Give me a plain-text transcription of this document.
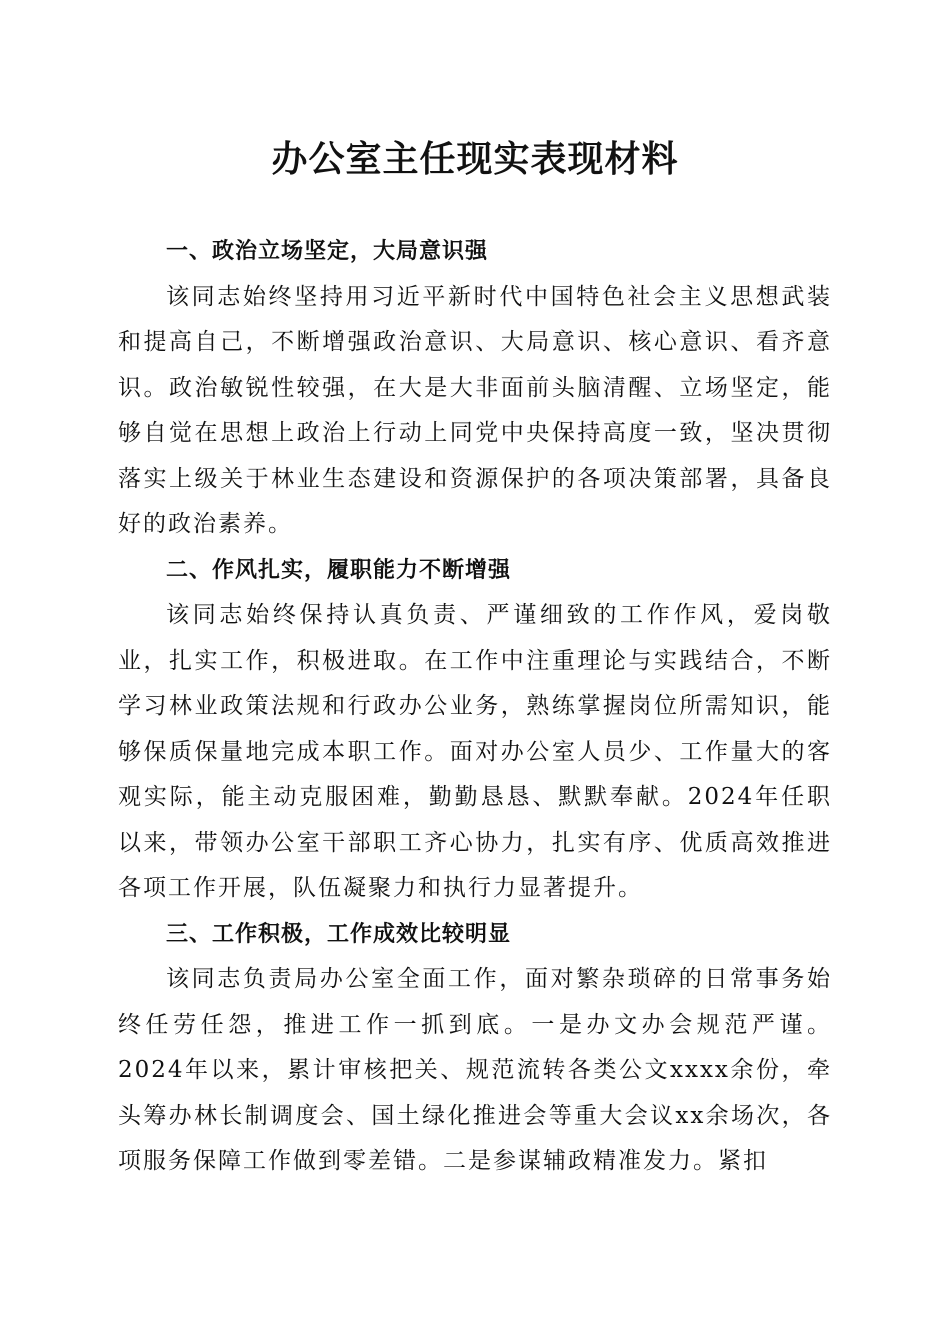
办公室主任现实表现材料

一、政治立场坚定，大局意识强

该同志始终坚持用习近平新时代中国特色社会主义思想武装和提高自己，不断增强政治意识、大局意识、核心意识、看齐意识。政治敏锐性较强，在大是大非面前头脑清醒、立场坚定，能够自觉在思想上政治上行动上同党中央保持高度一致，坚决贯彻落实上级关于林业生态建设和资源保护的各项决策部署，具备良好的政治素养。

二、作风扎实，履职能力不断增强

该同志始终保持认真负责、严谨细致的工作作风，爱岗敬业，扎实工作，积极进取。在工作中注重理论与实践结合，不断学习林业政策法规和行政办公业务，熟练掌握岗位所需知识，能够保质保量地完成本职工作。面对办公室人员少、工作量大的客观实际，能主动克服困难，勤勤恳恳、默默奉献。2024年任职以来，带领办公室干部职工齐心协力，扎实有序、优质高效推进各项工作开展，队伍凝聚力和执行力显著提升。

三、工作积极，工作成效比较明显

该同志负责局办公室全面工作，面对繁杂琐碎的日常事务始终任劳任怨，推进工作一抓到底。一是办文办会规范严谨。2024年以来，累计审核把关、规范流转各类公文xxxx余份，牵头筹办林长制调度会、国土绿化推进会等重大会议xx余场次，各项服务保障工作做到零差错。二是参谋辅政精准发力。紧扣
